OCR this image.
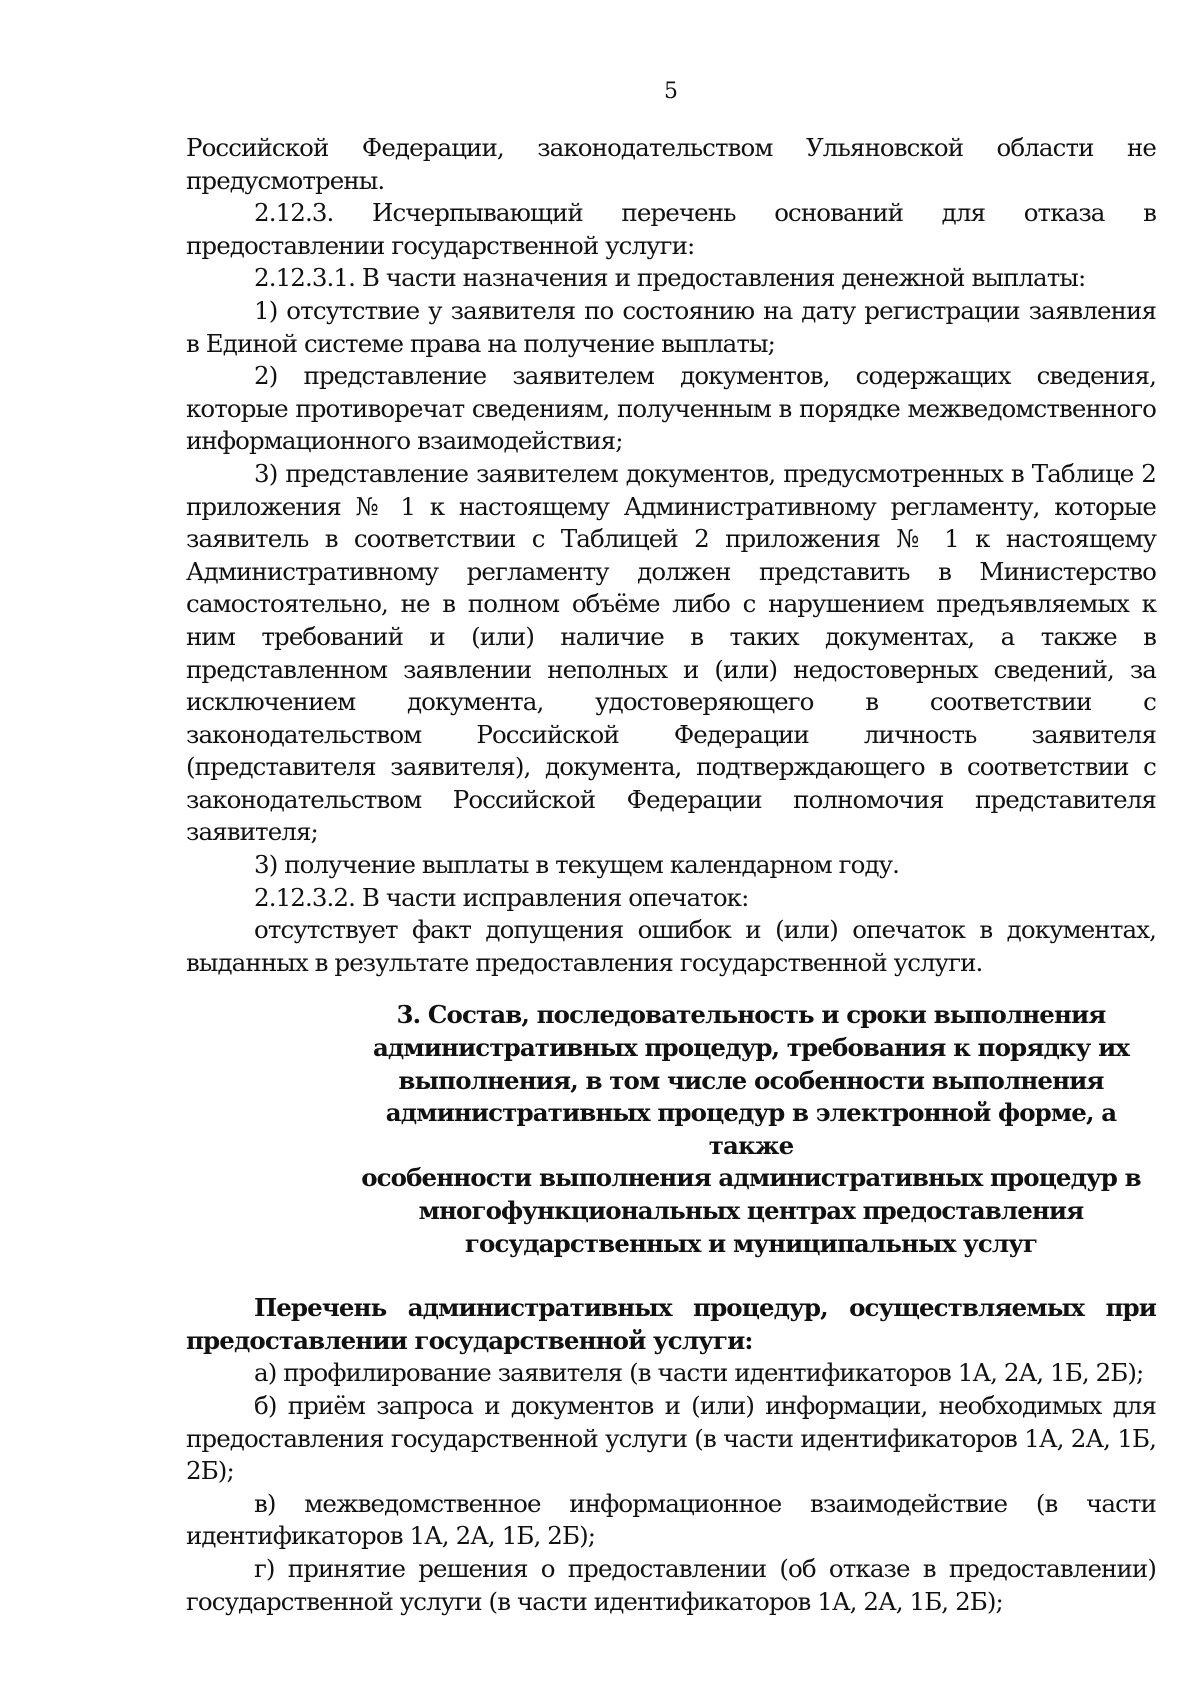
5

Российской Федерации, законодательством Ульяновской области не предусмотрены.

2.12.3. Исчерпывающий перечень оснований для отказа в предоставлении государственной услуги:

2.12.3.1. В части назначения и предоставления денежной выплаты:

1) отсутствие у заявителя по состоянию на дату регистрации заявления в Единой системе права на получение выплаты;

2) представление заявителем документов, содержащих сведения, которые противоречат сведениям, полученным в порядке межведомственного информационного взаимодействия;

3) представление заявителем документов, предусмотренных в Таблице 2 приложения № 1 к настоящему Административному регламенту, которые заявитель в соответствии с Таблицей 2 приложения № 1 к настоящему Административному регламенту должен представить в Министерство самостоятельно, не в полном объёме либо с нарушением предъявляемых к ним требований и (или) наличие в таких документах, а также в представленном заявлении неполных и (или) недостоверных сведений, за исключением документа, удостоверяющего в соответствии с законодательством Российской Федерации личность заявителя (представителя заявителя), документа, подтверждающего в соответствии с законодательством Российской Федерации полномочия представителя заявителя;

3) получение выплаты в текущем календарном году.

2.12.3.2. В части исправления опечаток:

отсутствует факт допущения ошибок и (или) опечаток в документах, выданных в результате предоставления государственной услуги.

3. Состав, последовательность и сроки выполнения
административных процедур, требования к порядку их
выполнения, в том числе особенности выполнения
административных процедур в электронной форме, а также
особенности выполнения административных процедур в
многофункциональных центрах предоставления
государственных и муниципальных услуг

Перечень административных процедур, осуществляемых при предоставлении государственной услуги:

а) профилирование заявителя (в части идентификаторов 1А, 2А, 1Б, 2Б);

б) приём запроса и документов и (или) информации, необходимых для предоставления государственной услуги (в части идентификаторов 1А, 2А, 1Б, 2Б);

в) межведомственное информационное взаимодействие (в части идентификаторов 1А, 2А, 1Б, 2Б);

г) принятие решения о предоставлении (об отказе в предоставлении) государственной услуги (в части идентификаторов 1А, 2А, 1Б, 2Б);
